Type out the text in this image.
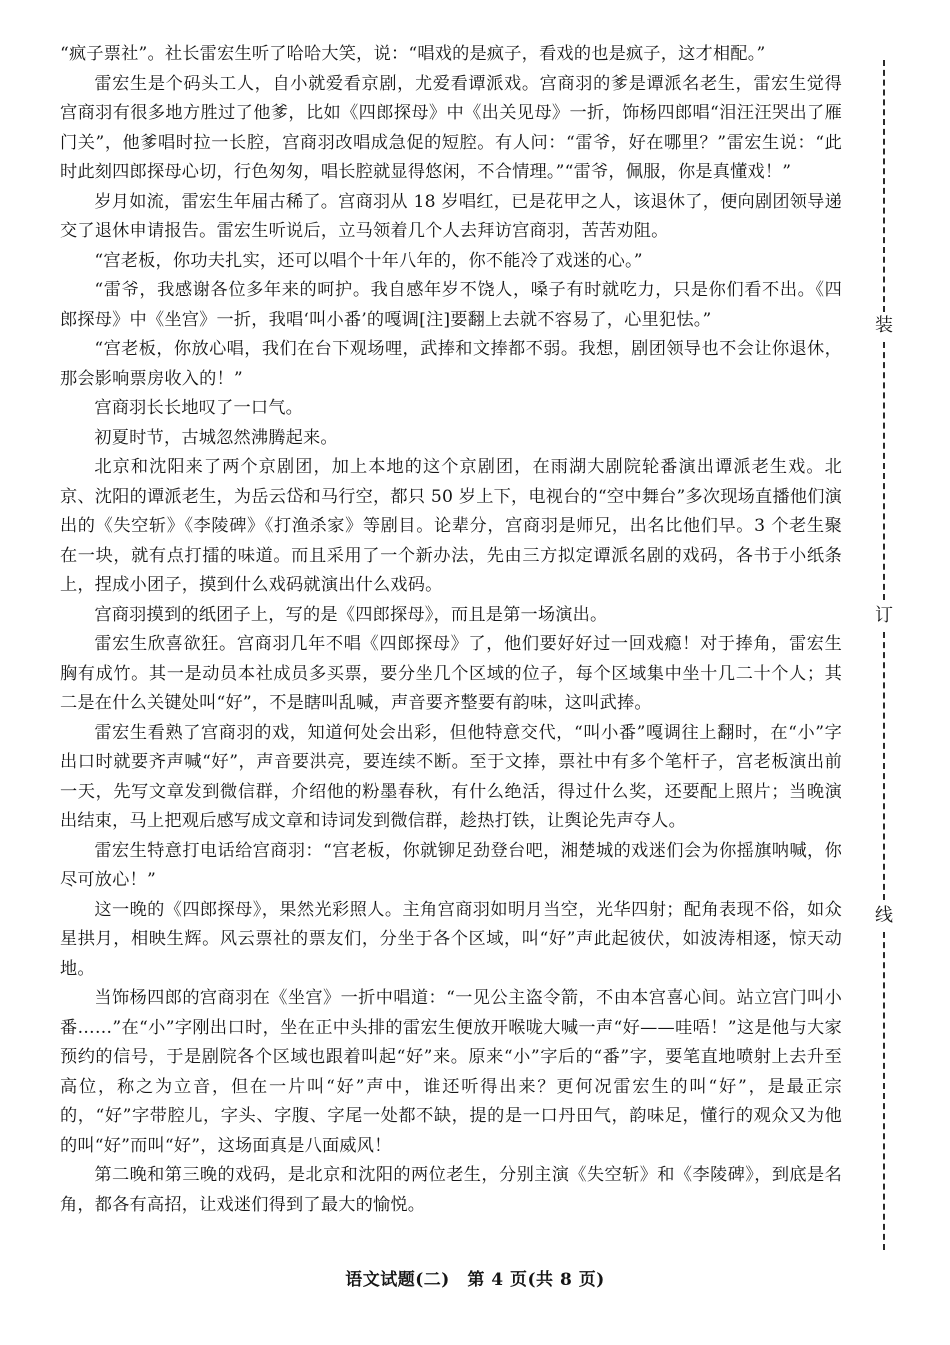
“疯子票社”。社长雷宏生听了哈哈大笑，说：“唱戏的是疯子，看戏的也是疯子，这才相配。”

雷宏生是个码头工人，自小就爱看京剧，尤爱看谭派戏。宫商羽的爹是谭派名老生，雷宏生觉得宫商羽有很多地方胜过了他爹，比如《四郎探母》中《出关见母》一折，饰杨四郎唱“泪汪汪哭出了雁门关”，他爹唱时拉一长腔，宫商羽改唱成急促的短腔。有人问：“雷爷，好在哪里？”雷宏生说：“此时此刻四郎探母心切，行色匆匆，唱长腔就显得悠闲，不合情理。”“雷爷，佩服，你是真懂戏！”

岁月如流，雷宏生年届古稀了。宫商羽从 18 岁唱红，已是花甲之人，该退休了，便向剧团领导递交了退休申请报告。雷宏生听说后，立马领着几个人去拜访宫商羽，苦苦劝阻。

“宫老板，你功夫扎实，还可以唱个十年八年的，你不能冷了戏迷的心。”

“雷爷，我感谢各位多年来的呵护。我自感年岁不饶人，嗓子有时就吃力，只是你们看不出。《四郎探母》中《坐宫》一折，我唱‘叫小番’的嘎调[注]要翻上去就不容易了，心里犯怯。”

“宫老板，你放心唱，我们在台下观场哩，武捧和文捧都不弱。我想，剧团领导也不会让你退休，那会影响票房收入的！”

宫商羽长长地叹了一口气。

初夏时节，古城忽然沸腾起来。

北京和沈阳来了两个京剧团，加上本地的这个京剧团，在雨湖大剧院轮番演出谭派老生戏。北京、沈阳的谭派老生，为岳云岱和马行空，都只 50 岁上下，电视台的“空中舞台”多次现场直播他们演出的《失空斩》《李陵碑》《打渔杀家》等剧目。论辈分，宫商羽是师兄，出名比他们早。3 个老生聚在一块，就有点打擂的味道。而且采用了一个新办法，先由三方拟定谭派名剧的戏码，各书于小纸条上，捏成小团子，摸到什么戏码就演出什么戏码。

宫商羽摸到的纸团子上，写的是《四郎探母》，而且是第一场演出。

雷宏生欣喜欲狂。宫商羽几年不唱《四郎探母》了，他们要好好过一回戏瘾！对于捧角，雷宏生胸有成竹。其一是动员本社成员多买票，要分坐几个区域的位子，每个区域集中坐十几二十个人；其二是在什么关键处叫“好”，不是瞎叫乱喊，声音要齐整要有韵味，这叫武捧。

雷宏生看熟了宫商羽的戏，知道何处会出彩，但他特意交代，“叫小番”嘎调往上翻时，在“小”字出口时就要齐声喊“好”，声音要洪亮，要连续不断。至于文捧，票社中有多个笔杆子，宫老板演出前一天，先写文章发到微信群，介绍他的粉墨春秋，有什么绝活，得过什么奖，还要配上照片；当晚演出结束，马上把观后感写成文章和诗词发到微信群，趁热打铁，让舆论先声夺人。

雷宏生特意打电话给宫商羽：“宫老板，你就铆足劲登台吧，湘楚城的戏迷们会为你摇旗呐喊，你尽可放心！”

这一晚的《四郎探母》，果然光彩照人。主角宫商羽如明月当空，光华四射；配角表现不俗，如众星拱月，相映生辉。风云票社的票友们，分坐于各个区域，叫“好”声此起彼伏，如波涛相逐，惊天动地。

当饰杨四郎的宫商羽在《坐宫》一折中唱道：“一见公主盗令箭，不由本宫喜心间。站立宫门叫小番……”在“小”字刚出口时，坐在正中头排的雷宏生便放开喉咙大喊一声“好——哇唔！”这是他与大家预约的信号，于是剧院各个区域也跟着叫起“好”来。原来“小”字后的“番”字，要笔直地喷射上去升至高位，称之为立音，但在一片叫“好”声中，谁还听得出来？更何况雷宏生的叫“好”，是最正宗的，“好”字带腔儿，字头、字腹、字尾一处都不缺，提的是一口丹田气，韵味足，懂行的观众又为他的叫“好”而叫“好”，这场面真是八面威风！

第二晚和第三晚的戏码，是北京和沈阳的两位老生，分别主演《失空斩》和《李陵碑》，到底是名角，都各有高招，让戏迷们得到了最大的愉悦。

装
订
线
语文试题(二)　第 4 页(共 8 页)
